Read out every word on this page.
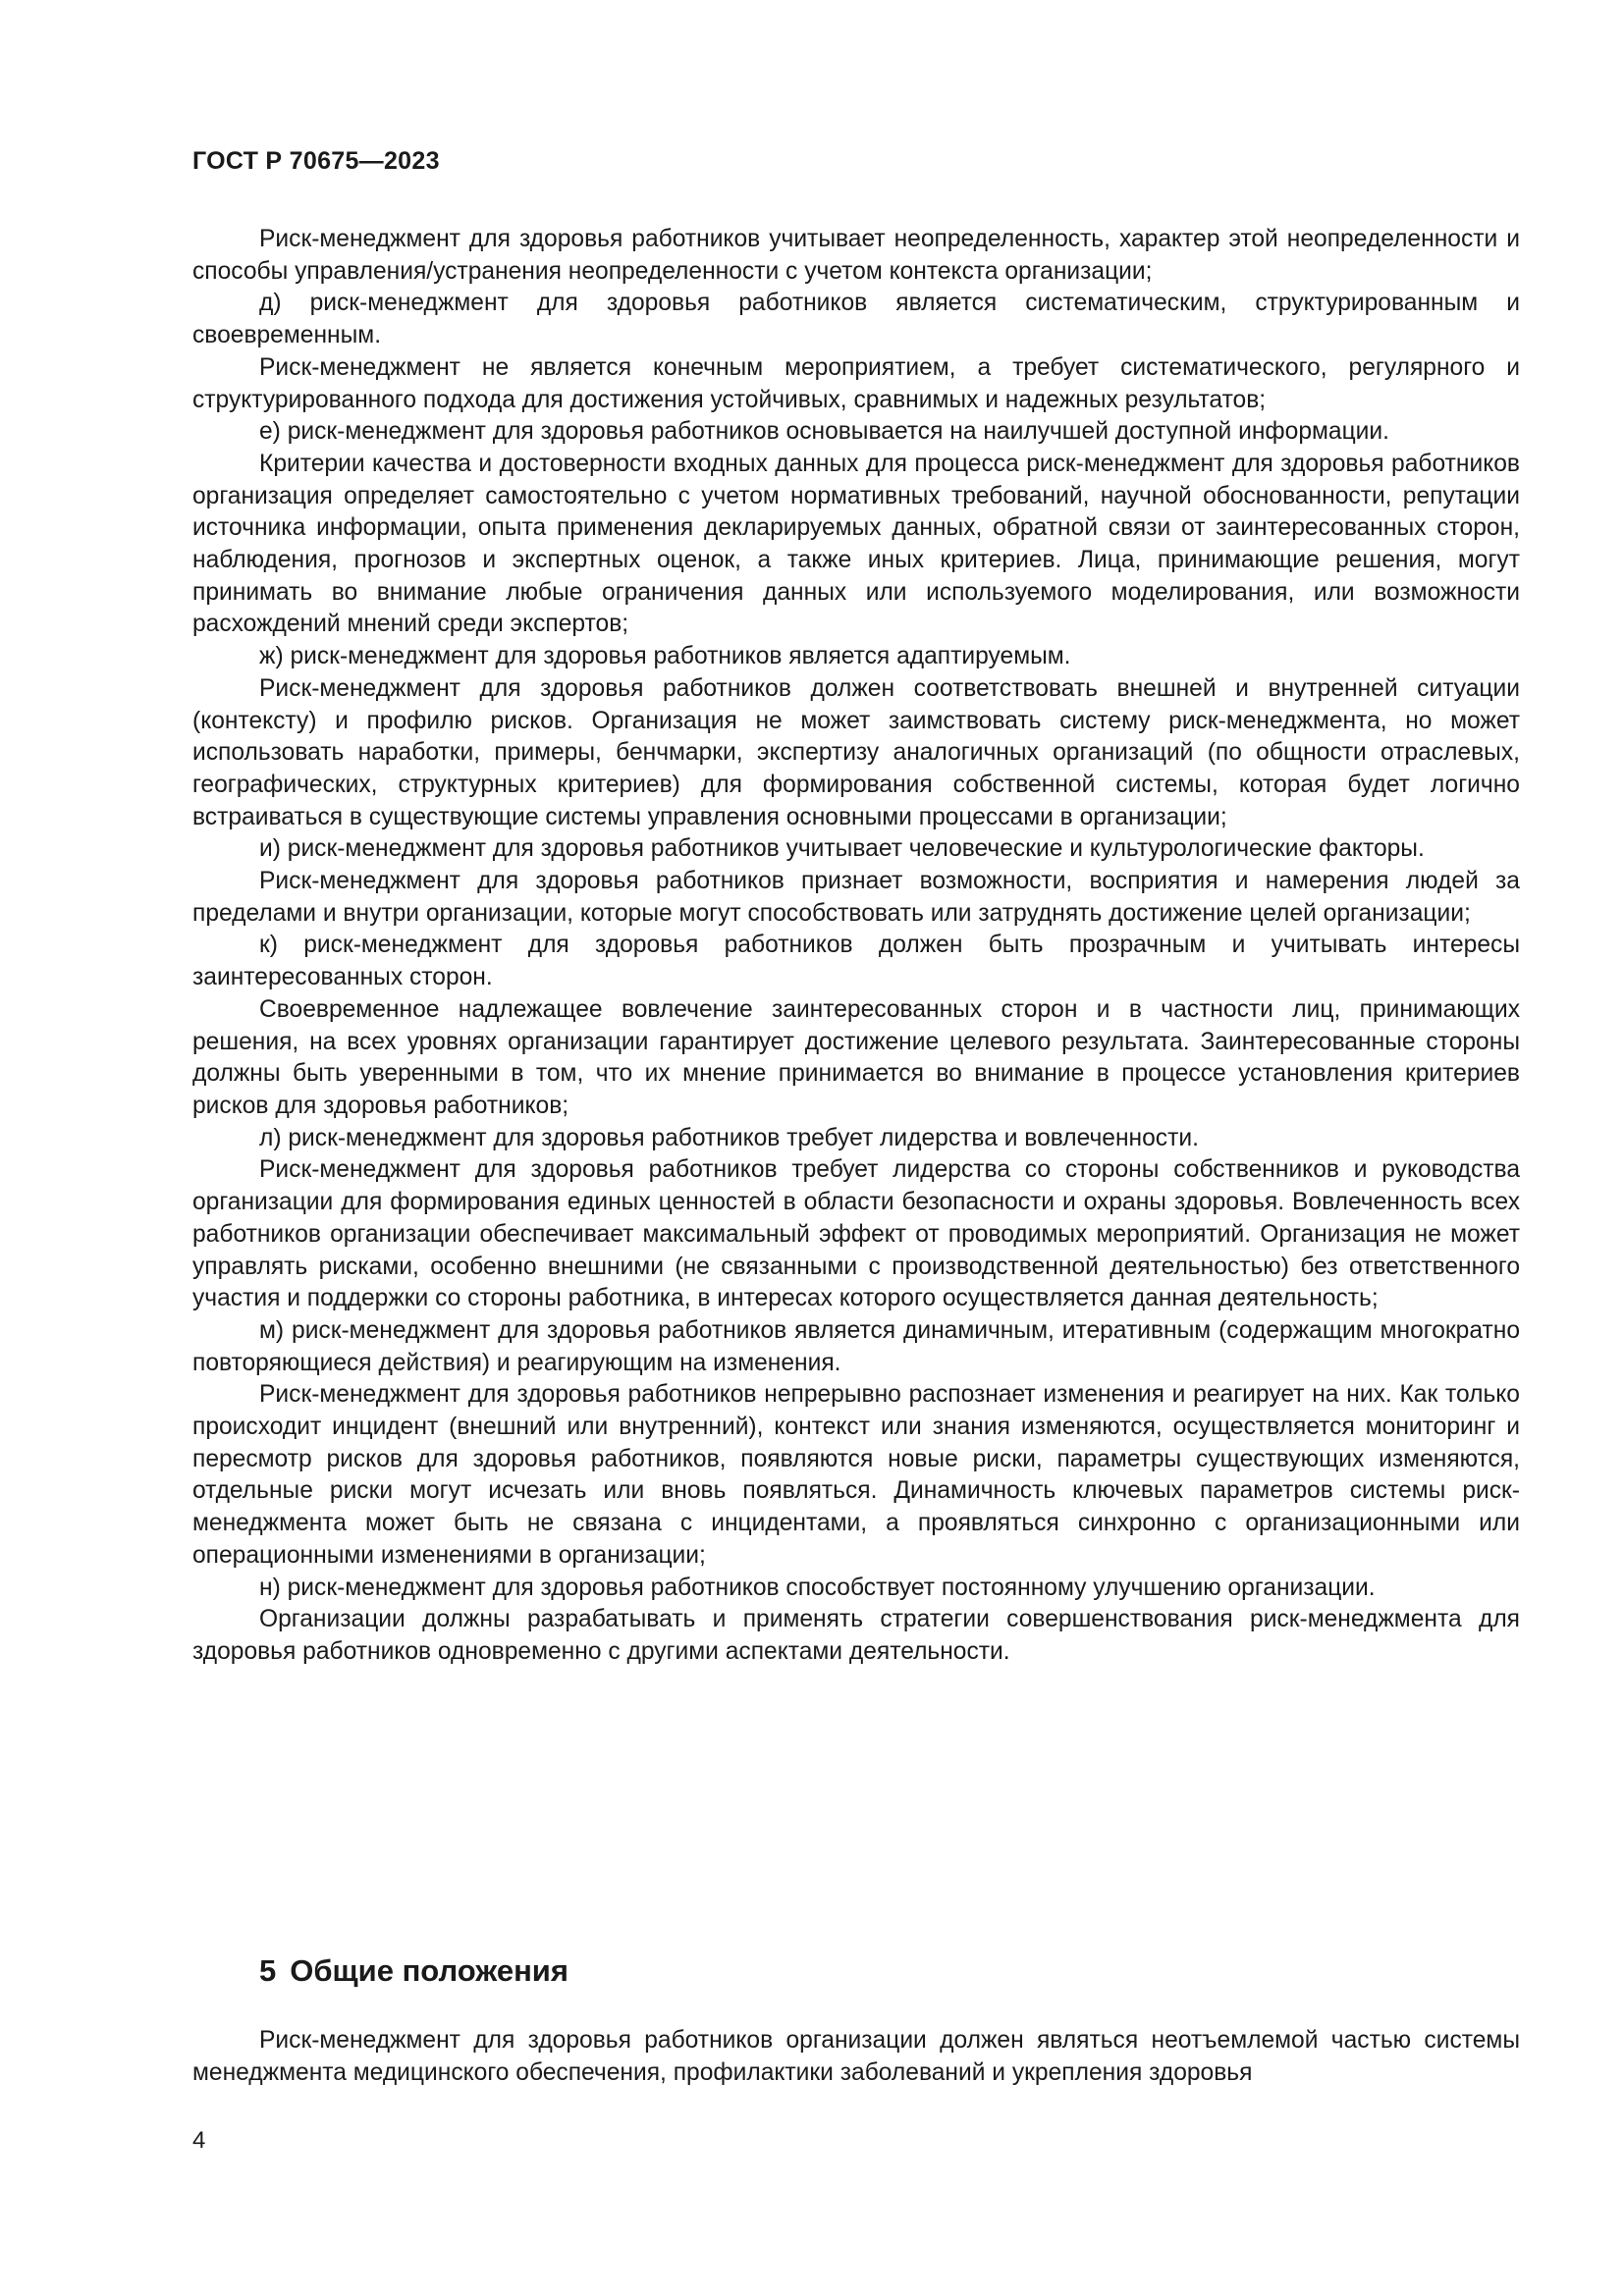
ГОСТ Р 70675—2023

Риск-менеджмент для здоровья работников учитывает неопределенность, характер этой неопределенности и способы управления/устранения неопределенности с учетом контекста организации;

д) риск-менеджмент для здоровья работников является систематическим, структурированным и своевременным.

Риск-менеджмент не является конечным мероприятием, а требует систематического, регулярного и структурированного подхода для достижения устойчивых, сравнимых и надежных результатов;

е) риск-менеджмент для здоровья работников основывается на наилучшей доступной информации.

Критерии качества и достоверности входных данных для процесса риск-менеджмент для здоровья работников организация определяет самостоятельно с учетом нормативных требований, научной обоснованности, репутации источника информации, опыта применения декларируемых данных, обратной связи от заинтересованных сторон, наблюдения, прогнозов и экспертных оценок, а также иных критериев. Лица, принимающие решения, могут принимать во внимание любые ограничения данных или используемого моделирования, или возможности расхождений мнений среди экспертов;

ж) риск-менеджмент для здоровья работников является адаптируемым.

Риск-менеджмент для здоровья работников должен соответствовать внешней и внутренней ситуации (контексту) и профилю рисков. Организация не может заимствовать систему риск-менеджмента, но может использовать наработки, примеры, бенчмарки, экспертизу аналогичных организаций (по общности отраслевых, географических, структурных критериев) для формирования собственной системы, которая будет логично встраиваться в существующие системы управления основными процессами в организации;

и) риск-менеджмент для здоровья работников учитывает человеческие и культурологические факторы.

Риск-менеджмент для здоровья работников признает возможности, восприятия и намерения людей за пределами и внутри организации, которые могут способствовать или затруднять достижение целей организации;

к) риск-менеджмент для здоровья работников должен быть прозрачным и учитывать интересы заинтересованных сторон.

Своевременное надлежащее вовлечение заинтересованных сторон и в частности лиц, принимающих решения, на всех уровнях организации гарантирует достижение целевого результата. Заинтересованные стороны должны быть уверенными в том, что их мнение принимается во внимание в процессе установления критериев рисков для здоровья работников;

л) риск-менеджмент для здоровья работников требует лидерства и вовлеченности.

Риск-менеджмент для здоровья работников требует лидерства со стороны собственников и руководства организации для формирования единых ценностей в области безопасности и охраны здоровья. Вовлеченность всех работников организации обеспечивает максимальный эффект от проводимых мероприятий. Организация не может управлять рисками, особенно внешними (не связанными с производственной деятельностью) без ответственного участия и поддержки со стороны работника, в интересах которого осуществляется данная деятельность;

м) риск-менеджмент для здоровья работников является динамичным, итеративным (содержащим многократно повторяющиеся действия) и реагирующим на изменения.

Риск-менеджмент для здоровья работников непрерывно распознает изменения и реагирует на них. Как только происходит инцидент (внешний или внутренний), контекст или знания изменяются, осуществляется мониторинг и пересмотр рисков для здоровья работников, появляются новые риски, параметры существующих изменяются, отдельные риски могут исчезать или вновь появляться. Динамичность ключевых параметров системы риск-менеджмента может быть не связана с инцидентами, а проявляться синхронно с организационными или операционными изменениями в организации;

н) риск-менеджмент для здоровья работников способствует постоянному улучшению организации.

Организации должны разрабатывать и применять стратегии совершенствования риск-менеджмента для здоровья работников одновременно с другими аспектами деятельности.

5 Общие положения

Риск-менеджмент для здоровья работников организации должен являться неотъемлемой частью системы менеджмента медицинского обеспечения, профилактики заболеваний и укрепления здоровья

4
